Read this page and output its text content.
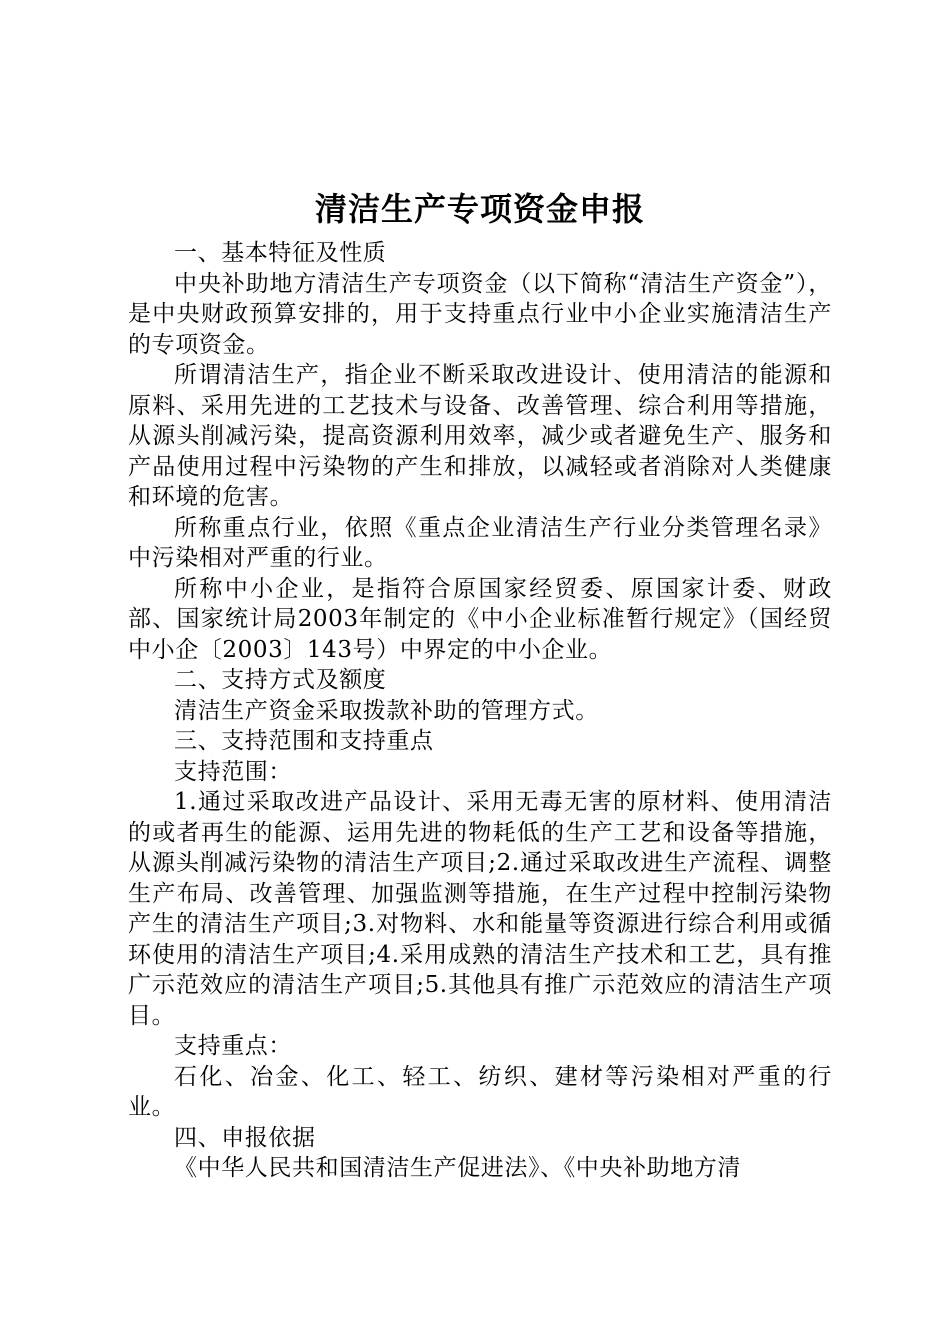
清洁生产专项资金申报

一、基本特征及性质

中央补助地方清洁生产专项资金（以下简称“清洁生产资金”），是中央财政预算安排的，用于支持重点行业中小企业实施清洁生产的专项资金。

所谓清洁生产，指企业不断采取改进设计、使用清洁的能源和原料、采用先进的工艺技术与设备、改善管理、综合利用等措施，从源头削减污染，提高资源利用效率，减少或者避免生产、服务和产品使用过程中污染物的产生和排放，以减轻或者消除对人类健康和环境的危害。

所称重点行业，依照《重点企业清洁生产行业分类管理名录》中污染相对严重的行业。

所称中小企业，是指符合原国家经贸委、原国家计委、财政部、国家统计局2003年制定的《中小企业标准暂行规定》（国经贸中小企〔2003〕143号）中界定的中小企业。

二、支持方式及额度

清洁生产资金采取拨款补助的管理方式。

三、支持范围和支持重点

支持范围：

1.通过采取改进产品设计、采用无毒无害的原材料、使用清洁的或者再生的能源、运用先进的物耗低的生产工艺和设备等措施，从源头削减污染物的清洁生产项目;2.通过采取改进生产流程、调整生产布局、改善管理、加强监测等措施，在生产过程中控制污染物产生的清洁生产项目;3.对物料、水和能量等资源进行综合利用或循环使用的清洁生产项目;4.采用成熟的清洁生产技术和工艺，具有推广示范效应的清洁生产项目;5.其他具有推广示范效应的清洁生产项目。

支持重点：

石化、冶金、化工、轻工、纺织、建材等污染相对严重的行业。

四、申报依据

《中华人民共和国清洁生产促进法》、《中央补助地方清
